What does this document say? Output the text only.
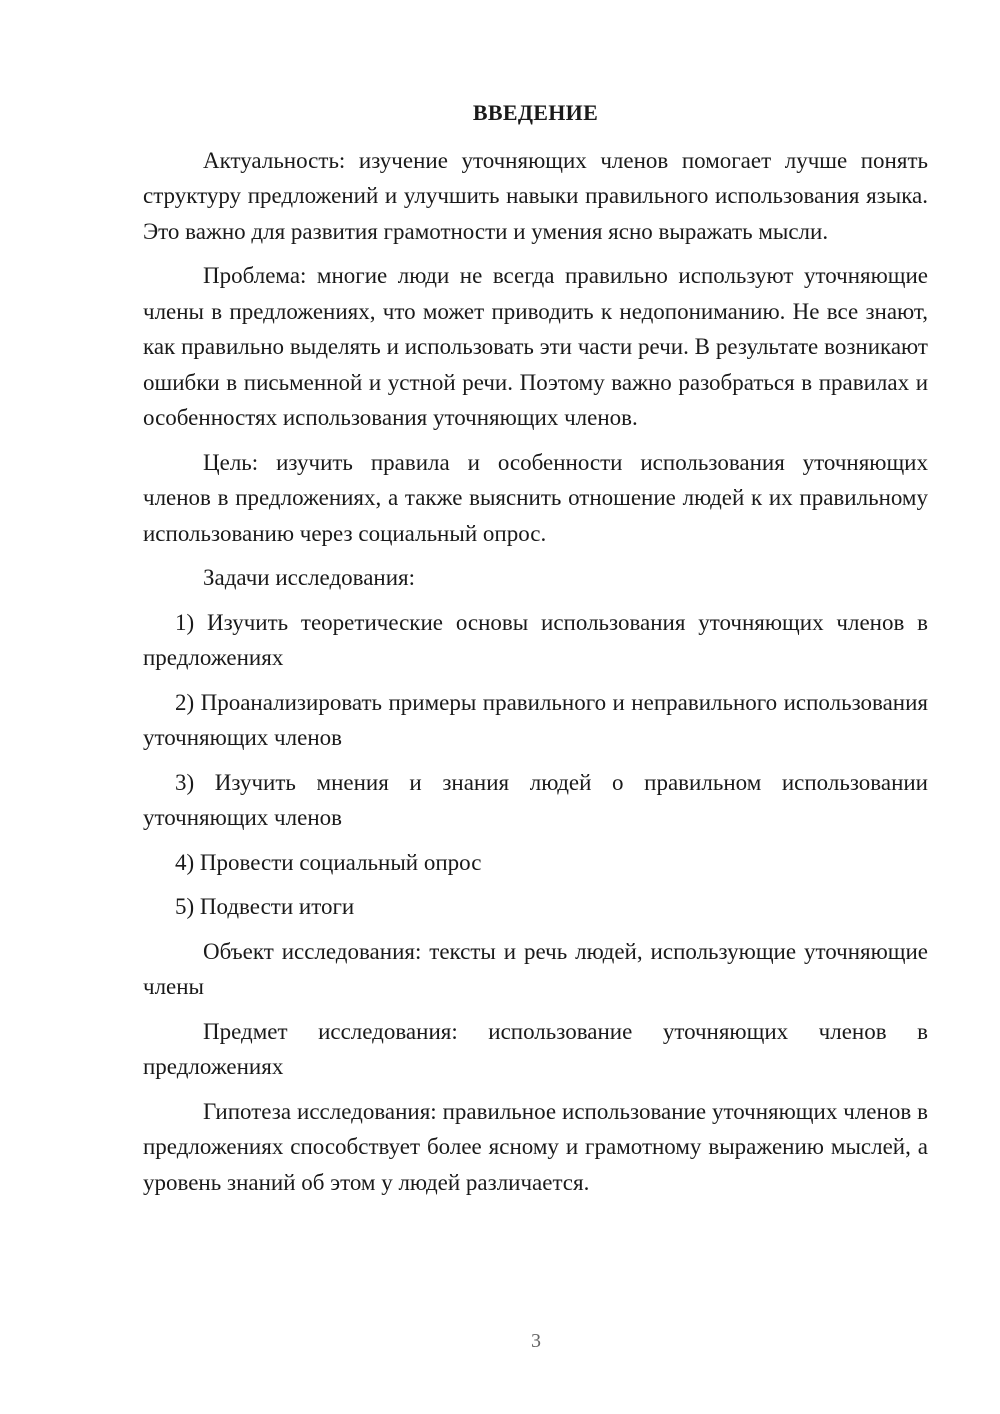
ВВЕДЕНИЕ

Актуальность: изучение уточняющих членов помогает лучше понять структуру предложений и улучшить навыки правильного использования языка. Это важно для развития грамотности и умения ясно выражать мысли.

Проблема: многие люди не всегда правильно используют уточняющие члены в предложениях, что может приводить к недопониманию. Не все знают, как правильно выделять и использовать эти части речи. В результате возникают ошибки в письменной и устной речи. Поэтому важно разобраться в правилах и особенностях использования уточняющих членов.

Цель: изучить правила и особенности использования уточняющих членов в предложениях, а также выяснить отношение людей к их правильному использованию через социальный опрос.

Задачи исследования:

1) Изучить теоретические основы использования уточняющих членов в предложениях

2) Проанализировать примеры правильного и неправильного использования уточняющих членов

3) Изучить мнения и знания людей о правильном использовании уточняющих членов

4) Провести социальный опрос

5) Подвести итоги

Объект исследования: тексты и речь людей, использующие уточняющие члены

Предмет исследования: использование уточняющих членов в предложениях

Гипотеза исследования: правильное использование уточняющих членов в предложениях способствует более ясному и грамотному выражению мыслей, а уровень знаний об этом у людей различается.

3
